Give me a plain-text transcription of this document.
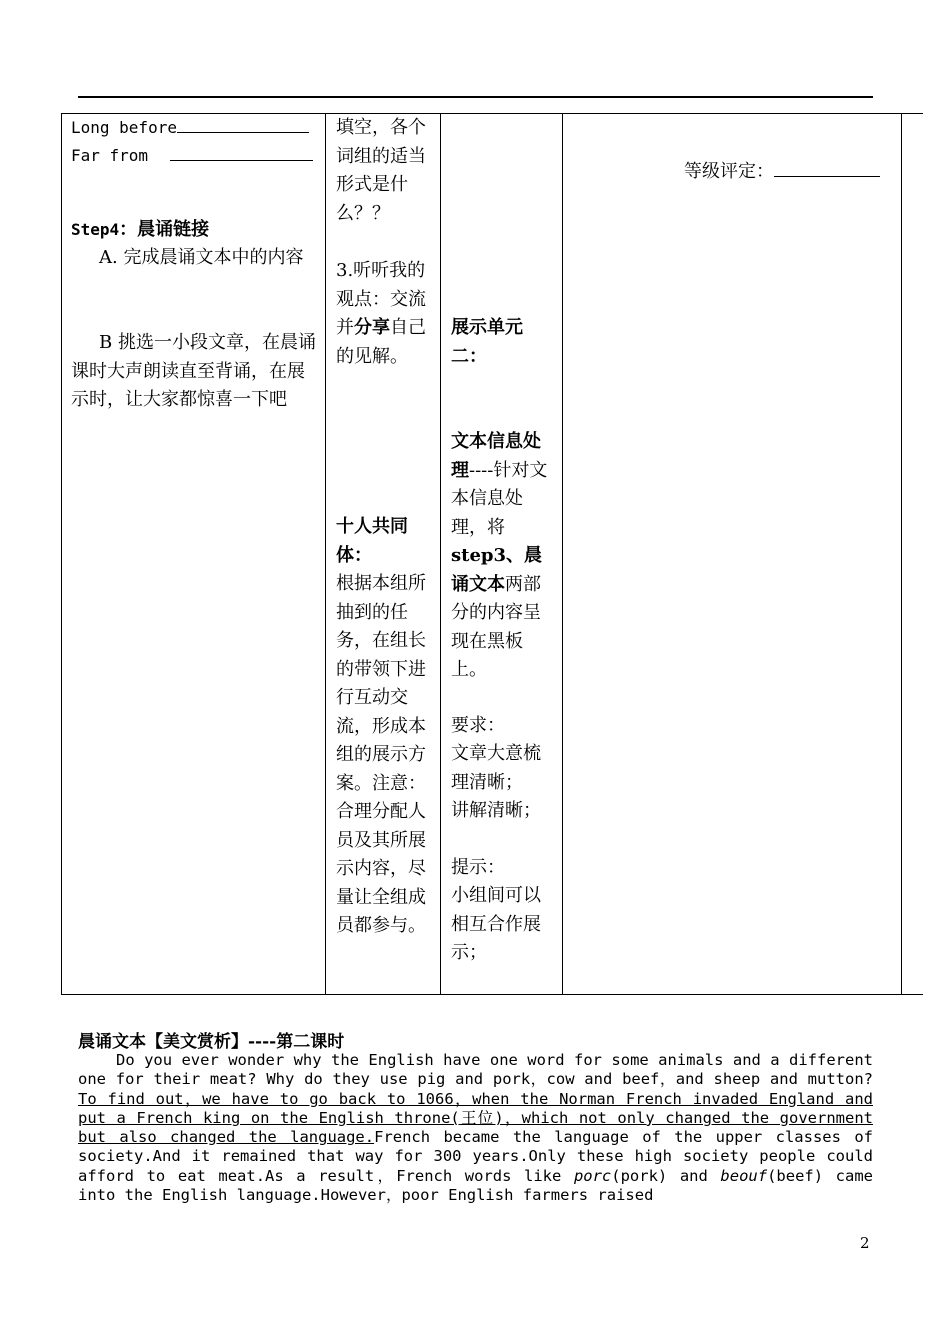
Long before
Far from
Step4：晨诵链接
A. 完成晨诵文本中的内容
B 挑选一小段文章，在晨诵课时大声朗读直至背诵，在展示时，让大家都惊喜一下吧
填空，各个词组的适当形式是什么？？
3.听听我的观点：交流并分享自己的见解。
十人共同体：
根据本组所抽到的任务，在组长的带领下进行互动交流，形成本组的展示方案。注意：合理分配人员及其所展示内容，尽量让全组成员都参与。
展示单元二：
文本信息处理----针对文本信息处理，将step3、晨诵文本两部分的内容呈现在黑板上。
要求：
文章大意梳理清晰；
讲解清晰；
提示：
小组间可以相互合作展示；
等级评定：
晨诵文本【美文赏析】----第二课时

Do you ever wonder why the English have one word for some animals and a different one for their meat? Why do they use pig and pork，cow and beef，and sheep and mutton? To find out，we have to go back to 1066，when the Norman French invaded England and put a French king on the English throne(王位)，which not only changed the government but also changed the language.French became the language of the upper classes of society.And it remained that way for 300 years.Only these high society people could afford to eat meat.As a result，French words like porc(pork) and beouf(beef) came into the English language.However，poor English farmers raised

2
